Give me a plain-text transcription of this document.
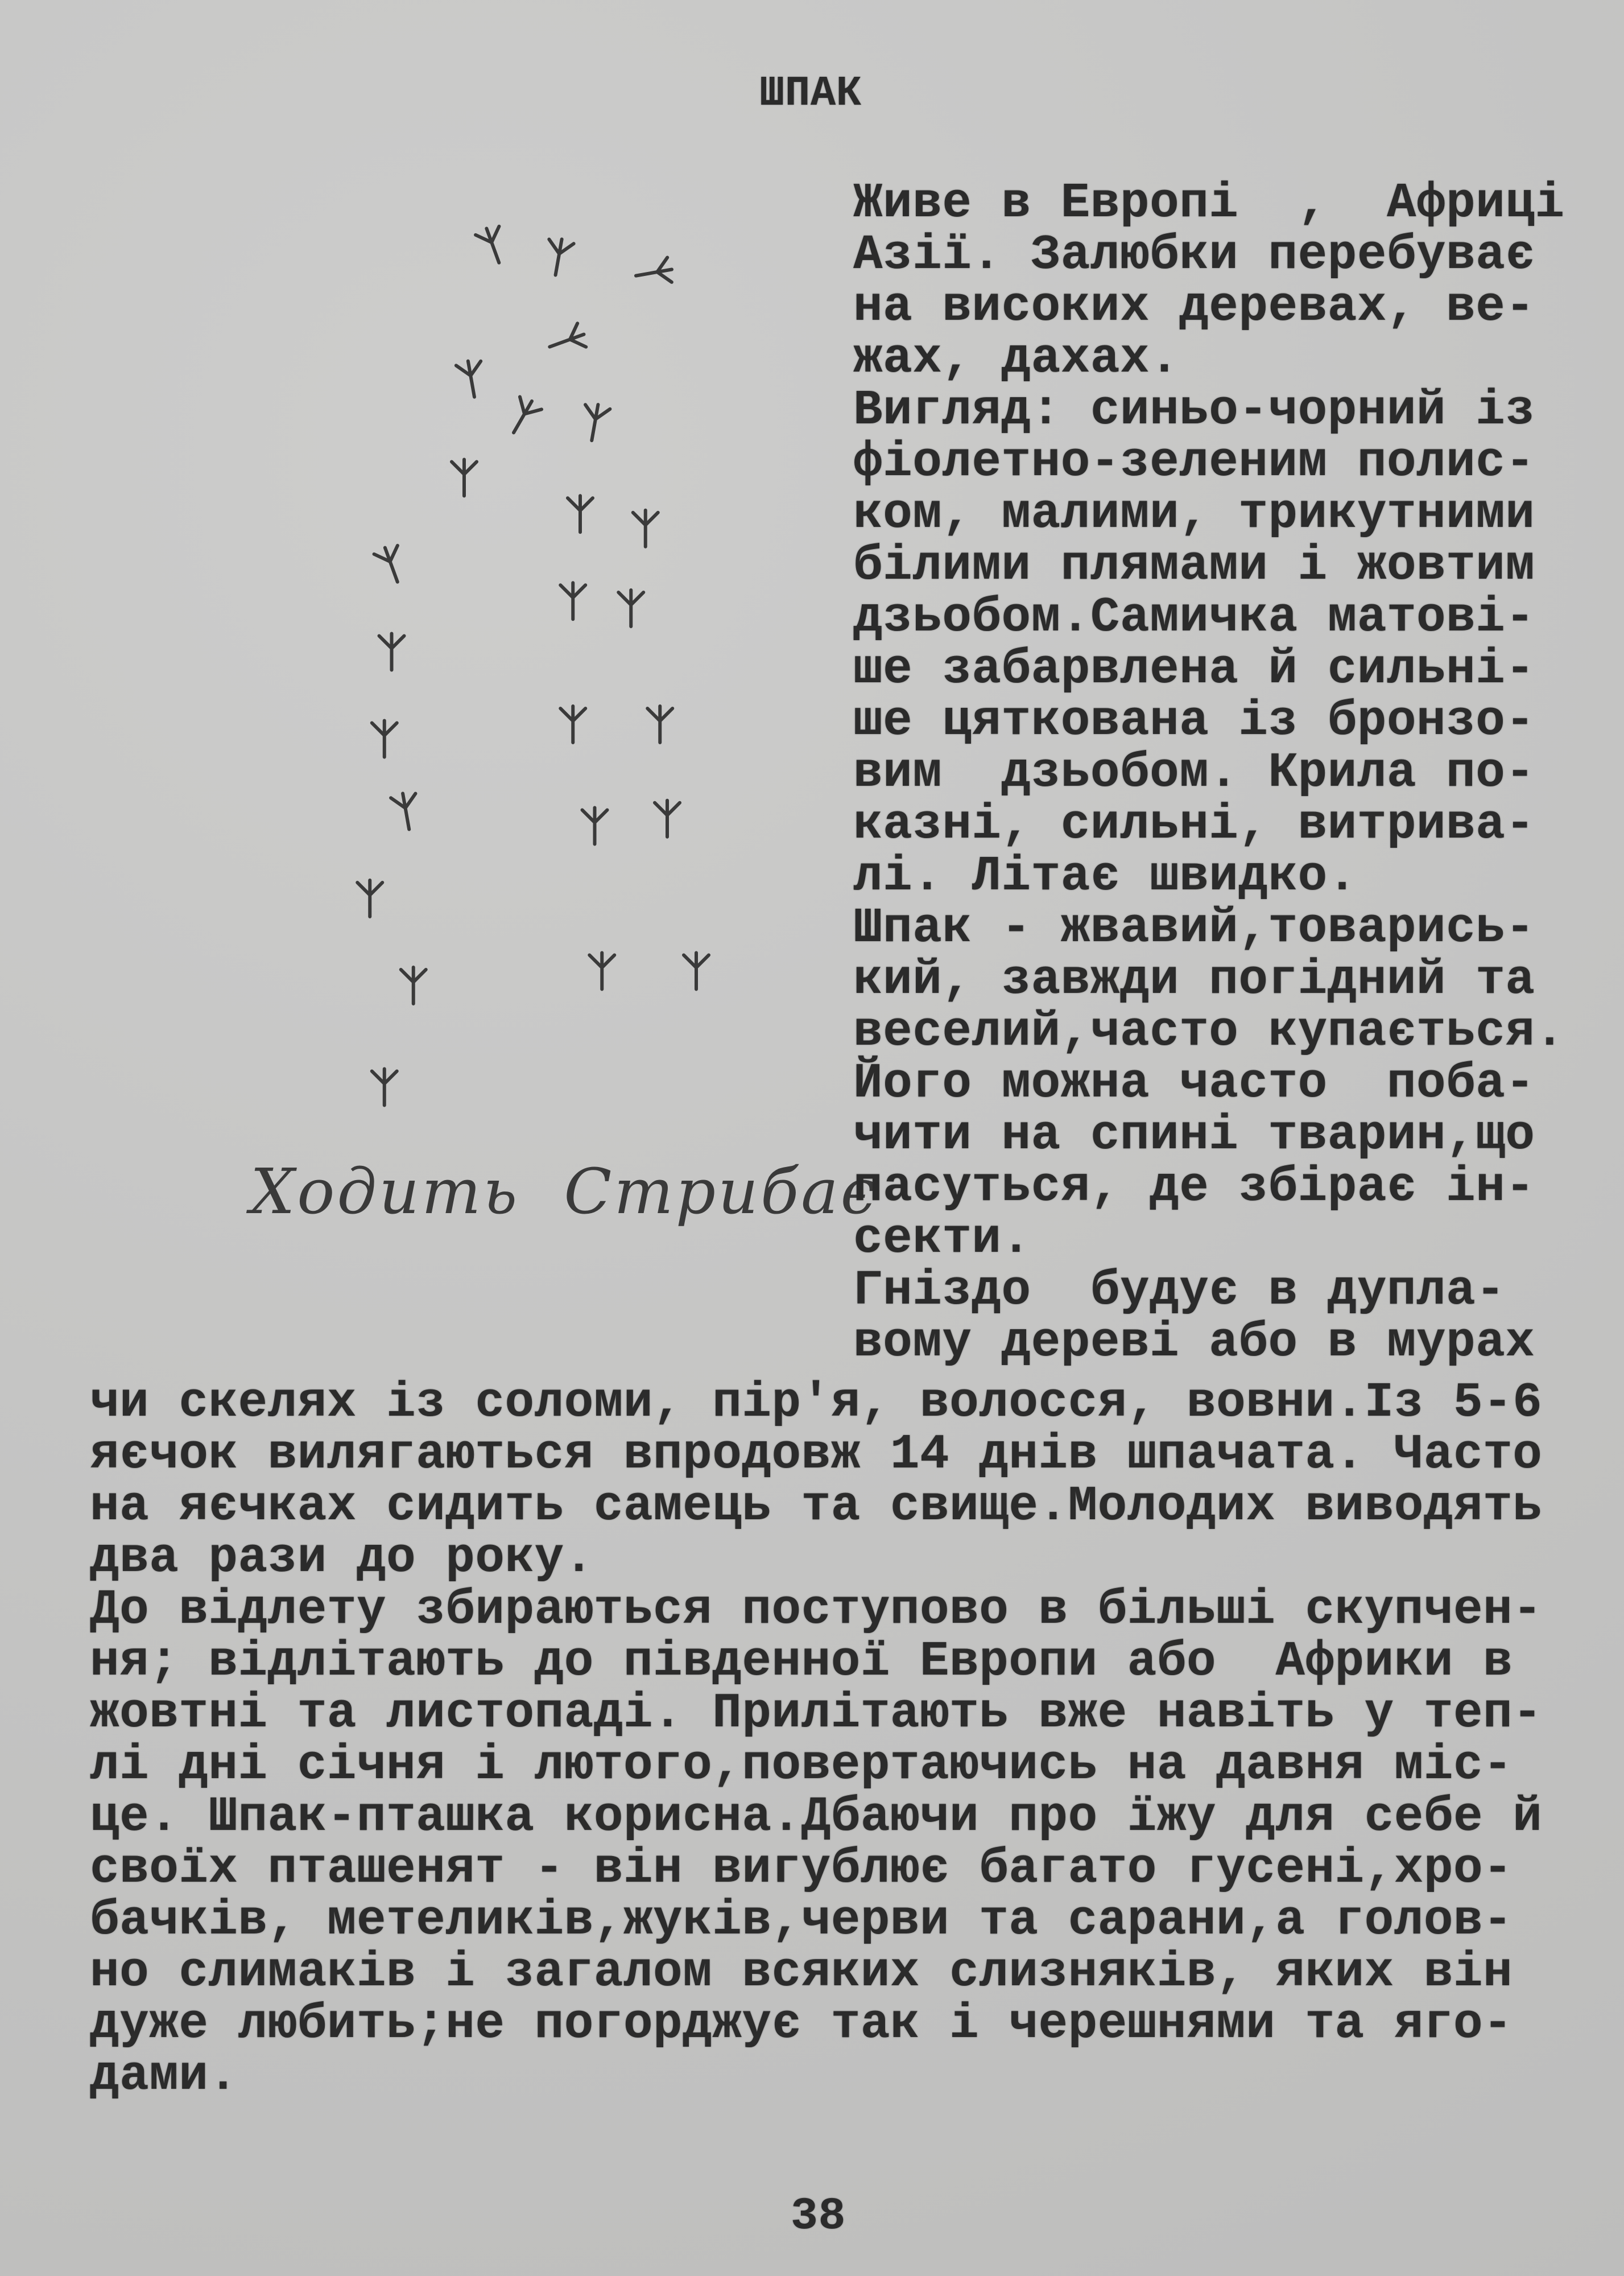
ШПАК
Ходить  Стрибає
Живе в Европі  ,  Африці
Азії. Залюбки перебуває
на високих деревах, ве-
жах, дахах.
Вигляд: синьо-чорний із
фіолетно-зеленим полис-
ком, малими, трикутними
білими плямами і жовтим
дзьобом.Самичка матові-
ше забарвлена й сильні-
ше цяткована із бронзо-
вим  дзьобом. Крила по-
казні, сильні, витрива-
лі. Літає швидко.
Шпак - жвавий,товарись-
кий, завжди погідний та
веселий,часто купається.
Його можна часто  поба-
чити на спині тварин,що
пасуться, де збірає ін-
секти.
Гніздо  будує в дупла-
вому дереві або в мурах
чи скелях із соломи, пір'я, волосся, вовни.Із 5-6
яєчок вилягаються впродовж 14 днів шпачата. Часто
на яєчках сидить самець та свище.Молодих виводять
два рази до року.
До відлету збираються поступово в більші скупчен-
ня; відлітають до південної Европи або  Африки в
жовтні та листопаді. Прилітають вже навіть у теп-
лі дні січня і лютого,повертаючись на давня міс-
це. Шпак-пташка корисна.Дбаючи про їжу для себе й
своїх пташенят - він вигублює багато гусені,хро-
бачків, метеликів,жуків,черви та сарани,а голов-
но слимаків і загалом всяких слизняків, яких він
дуже любить;не погорджує так і черешнями та яго-
дами.
38
